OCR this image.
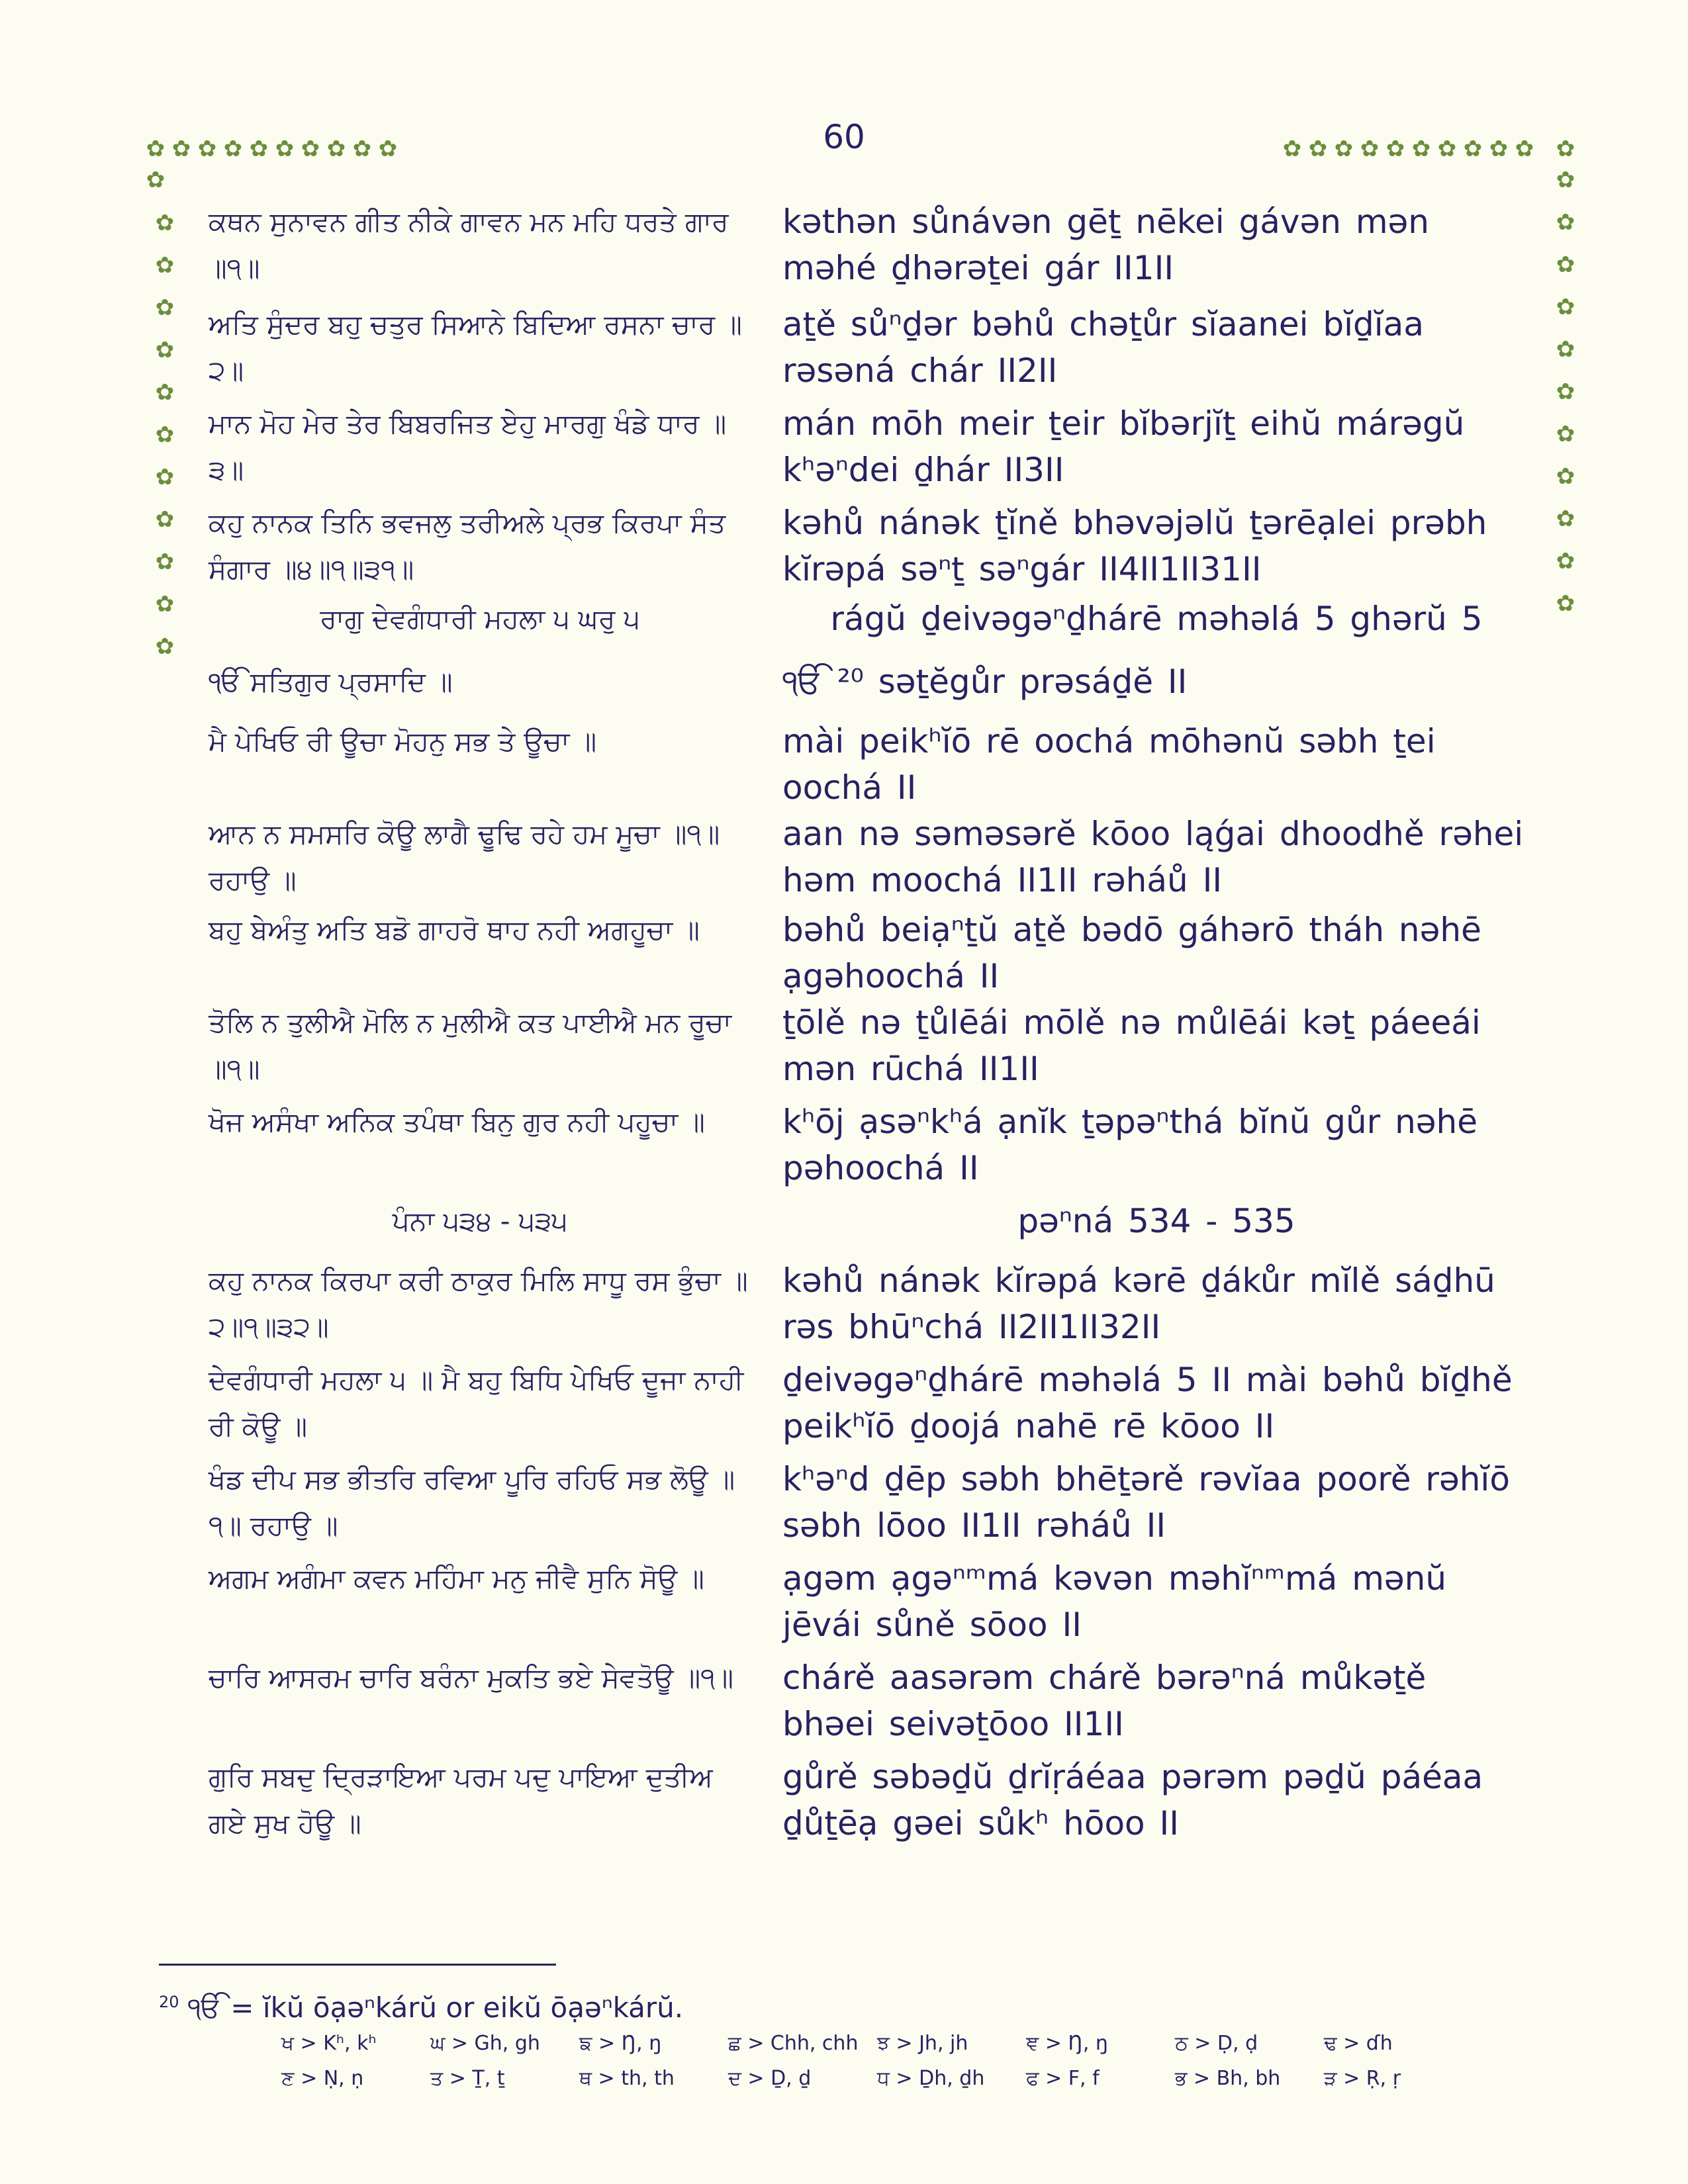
60
✿ ✿ ✿ ✿ ✿ ✿ ✿ ✿ ✿ ✿
✿
✿
✿
✿
✿
✿
✿
✿
✿
✿
✿
✿
✿ ✿ ✿ ✿ ✿ ✿ ✿ ✿ ✿ ✿ ✿
✿
✿
✿
✿
✿
✿
✿
✿
✿
✿
✿
ਕਥਨ ਸੁਨਾਵਨ ਗੀਤ ਨੀਕੇ ਗਾਵਨ ਮਨ ਮਹਿ ਧਰਤੇ ਗਾਰ ॥੧॥
kəthən sůnávən gēṯ nēkei gávən mən məhé ḏhərəṯei gár II1II
ਅਤਿ ਸੁੰਦਰ ਬਹੁ ਚਤੁਰ ਸਿਆਨੇ ਬਿਦਿਆ ਰਸਨਾ ਚਾਰ ॥੨॥
aṯě sůⁿḏər bəhů chəṯůr sĭaanei bĭḏĭaa rəsəná chár II2II
ਮਾਨ ਮੋਹ ਮੇਰ ਤੇਰ ਬਿਬਰਜਿਤ ਏਹੁ ਮਾਰਗੁ ਖੰਡੇ ਧਾਰ ॥੩॥
mán mōh meir ṯeir bĭbərjĭṯ eihŭ márəgŭ kʰəⁿdei ḏhár II3II
ਕਹੁ ਨਾਨਕ ਤਿਨਿ ਭਵਜਲੁ ਤਰੀਅਲੇ ਪ੍ਰਭ ਕਿਰਪਾ ਸੰਤ ਸੰਗਾਰ ॥੪॥੧॥੩੧॥
kəhů nánək ṯĭně bhəvəjəlŭ ṯərēạlei prəbh kĭrəpá səⁿṯ səⁿgár II4II1II31II
ਰਾਗੁ ਦੇਵਗੰਧਾਰੀ ਮਹਲਾ ੫ ਘਰੁ ੫	rágŭ ḏeivəgəⁿḏhárē məhəlá 5 ghərŭ 5
ੴ ਸਤਿਗੁਰ ਪ੍ਰਸਾਦਿ ॥	ੴ ²⁰ səṯĕgůr prəsáḏĕ II
ਮੈ ਪੇਖਿਓ ਰੀ ਊਚਾ ਮੋਹਨੁ ਸਭ ਤੇ ਊਚਾ ॥	mài peikʰĭō rē oochá mōhənŭ səbh ṯei oochá II
ਆਨ ਨ ਸਮਸਰਿ ਕੋਊ ਲਾਗੈ ਢੂਢਿ ਰਹੇ ਹਮ ਮੂਚਾ ॥੧॥ ਰਹਾਉ ॥
aan nə səməsərĕ kōoo ląǵai dhoodhě rəhei həm moochá II1II rəháů II
ਬਹੁ ਬੇਅੰਤੁ ਅਤਿ ਬਡੋ ਗਾਹਰੋ ਥਾਹ ਨਹੀ ਅਗਹੂਚਾ ॥	bəhů beiạⁿṯŭ aṯě bədō gáhərō tháh nəhē ạgəhoochá II
ਤੋਲਿ ਨ ਤੁਲੀਐ ਮੋਲਿ ਨ ਮੁਲੀਐ ਕਤ ਪਾਈਐ ਮਨ ਰੂਚਾ ॥੧॥
ṯōlě nə ṯůlēái mōlě nə můlēái kəṯ páeeái mən rūchá II1II
ਖੋਜ ਅਸੰਖਾ ਅਨਿਕ ਤਪੰਥਾ ਬਿਨੁ ਗੁਰ ਨਹੀ ਪਹੂਚਾ ॥	kʰōj ạsəⁿkʰá ạnĭk ṯəpəⁿthá bĭnŭ gůr nəhē pəhoochá II
ਪੰਨਾ ੫੩੪ - ੫੩੫	pəⁿná 534 - 535
ਕਹੁ ਨਾਨਕ ਕਿਰਪਾ ਕਰੀ ਠਾਕੁਰ ਮਿਲਿ ਸਾਧੂ ਰਸ ਭੁੰਚਾ ॥੨॥੧॥੩੨॥
kəhů nánək kĭrəpá kərē ḏákůr mĭlě sáḏhū rəs bhūⁿchá II2II1II32II
ਦੇਵਗੰਧਾਰੀ ਮਹਲਾ ੫ ॥ ਮੈ ਬਹੁ ਬਿਧਿ ਪੇਖਿਓ ਦੂਜਾ ਨਾਹੀ ਰੀ ਕੋਊ ॥
ḏeivəgəⁿḏhárē məhəlá 5 II mài bəhů bĭḏhě peikʰĭō ḏoojá nahē rē kōoo II
ਖੰਡ ਦੀਪ ਸਭ ਭੀਤਰਿ ਰਵਿਆ ਪੂਰਿ ਰਹਿਓ ਸਭ ਲੋਊ ॥੧॥ ਰਹਾਉ ॥
kʰəⁿd ḏēp səbh bhēṯərě rəvĭaa poorě rəhĭō səbh lōoo II1II rəháů II
ਅਗਮ ਅਗੰਮਾ ਕਵਨ ਮਹਿੰਮਾ ਮਨੁ ਜੀਵੈ ਸੁਨਿ ਸੋਊ ॥	ạgəm ạgəⁿᵐmá kəvən məhĭⁿᵐmá mənŭ jēvái sůně sōoo II
ਚਾਰਿ ਆਸਰਮ ਚਾਰਿ ਬਰੰਨਾ ਮੁਕਤਿ ਭਏ ਸੇਵਤੋਊ ॥੧॥	chárě aasərəm chárě bərəⁿná můkəṯě bhəei seivəṯōoo II1II
ਗੁਰਿ ਸਬਦੁ ਦ੍ਰਿੜਾਇਆ ਪਰਮ ਪਦੁ ਪਾਇਆ ਦੁਤੀਅ ਗਏ ਸੁਖ ਹੋਊ ॥
gůrě səbəḏŭ ḏrĭṛáéaa pərəm pəḏŭ páéaa ḏůṯēạ gəei sůkʰ hōoo II
$^{20}$ ੴ = ĭkŭ ōạəⁿkárŭ or eikŭ ōạəⁿkárŭ.
ਖ > Kʰ, kʰ	ਘ > Gh, gh	ਙ > Ŋ, ŋ	ਛ > Chh, chh ਝ > Jh, jh	ਞ > Ŋ, ŋ	ਠ > Ḍ, ḍ	ਢ > ɗh
ਣ > Ṇ, ṇ	ਤ > Ṯ, ṯ	ਥ > th, th	ਦ > Ḏ, ḏ	ਧ > Ḏh, ḏh	ਫ > F, f	ਭ > Bh, bh	ੜ > Ṛ, ṛ
